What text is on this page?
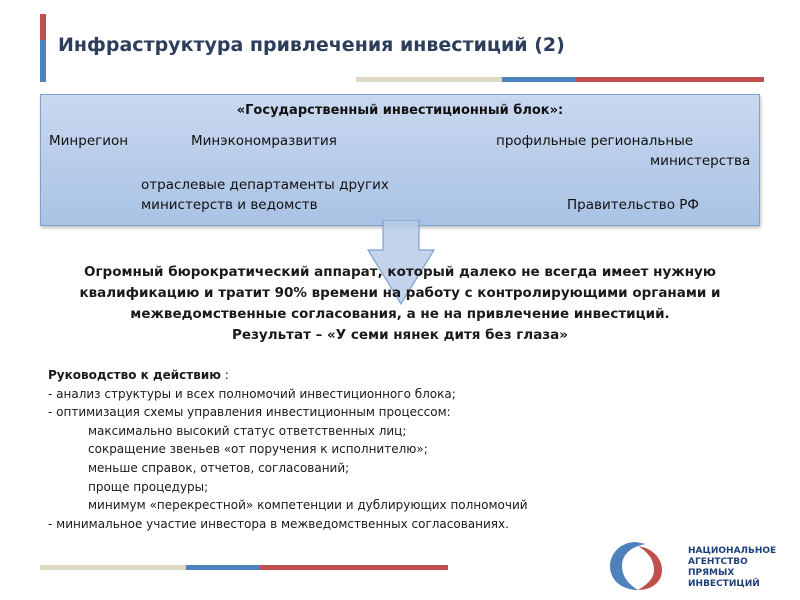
Инфраструктура привлечения инвестиций (2)
«Государственный инвестиционный блок»:
Минрегион	Минэкономразвития	профильные региональные
министерства
отраслевые департаменты других
министерств и ведомств	Правительство РФ

Огромный бюрократический аппарат, который далеко не всегда имеет нужную

квалификацию и тратит 90% времени на работу с контролирующими органами и

межведомственные согласования, а не на привлечение инвестиций.

Результат – «У семи нянек дитя без глаза»

Руководство к действию :
- анализ структуры и всех полномочий инвестиционного блока;
- оптимизация схемы управления инвестиционным процессом:
максимально высокий статус ответственных лиц;
сокращение звеньев «от поручения к исполнителю»;
меньше справок, отчетов, согласований;
проще процедуры;
минимум «перекрестной» компетенции и дублирующих полномочий
- минимальное участие инвестора в межведомственных согласованиях.
НАЦИОНАЛЬНОЕ
АГЕНТСТВО
ПРЯМЫХ
ИНВЕСТИЦИЙ
